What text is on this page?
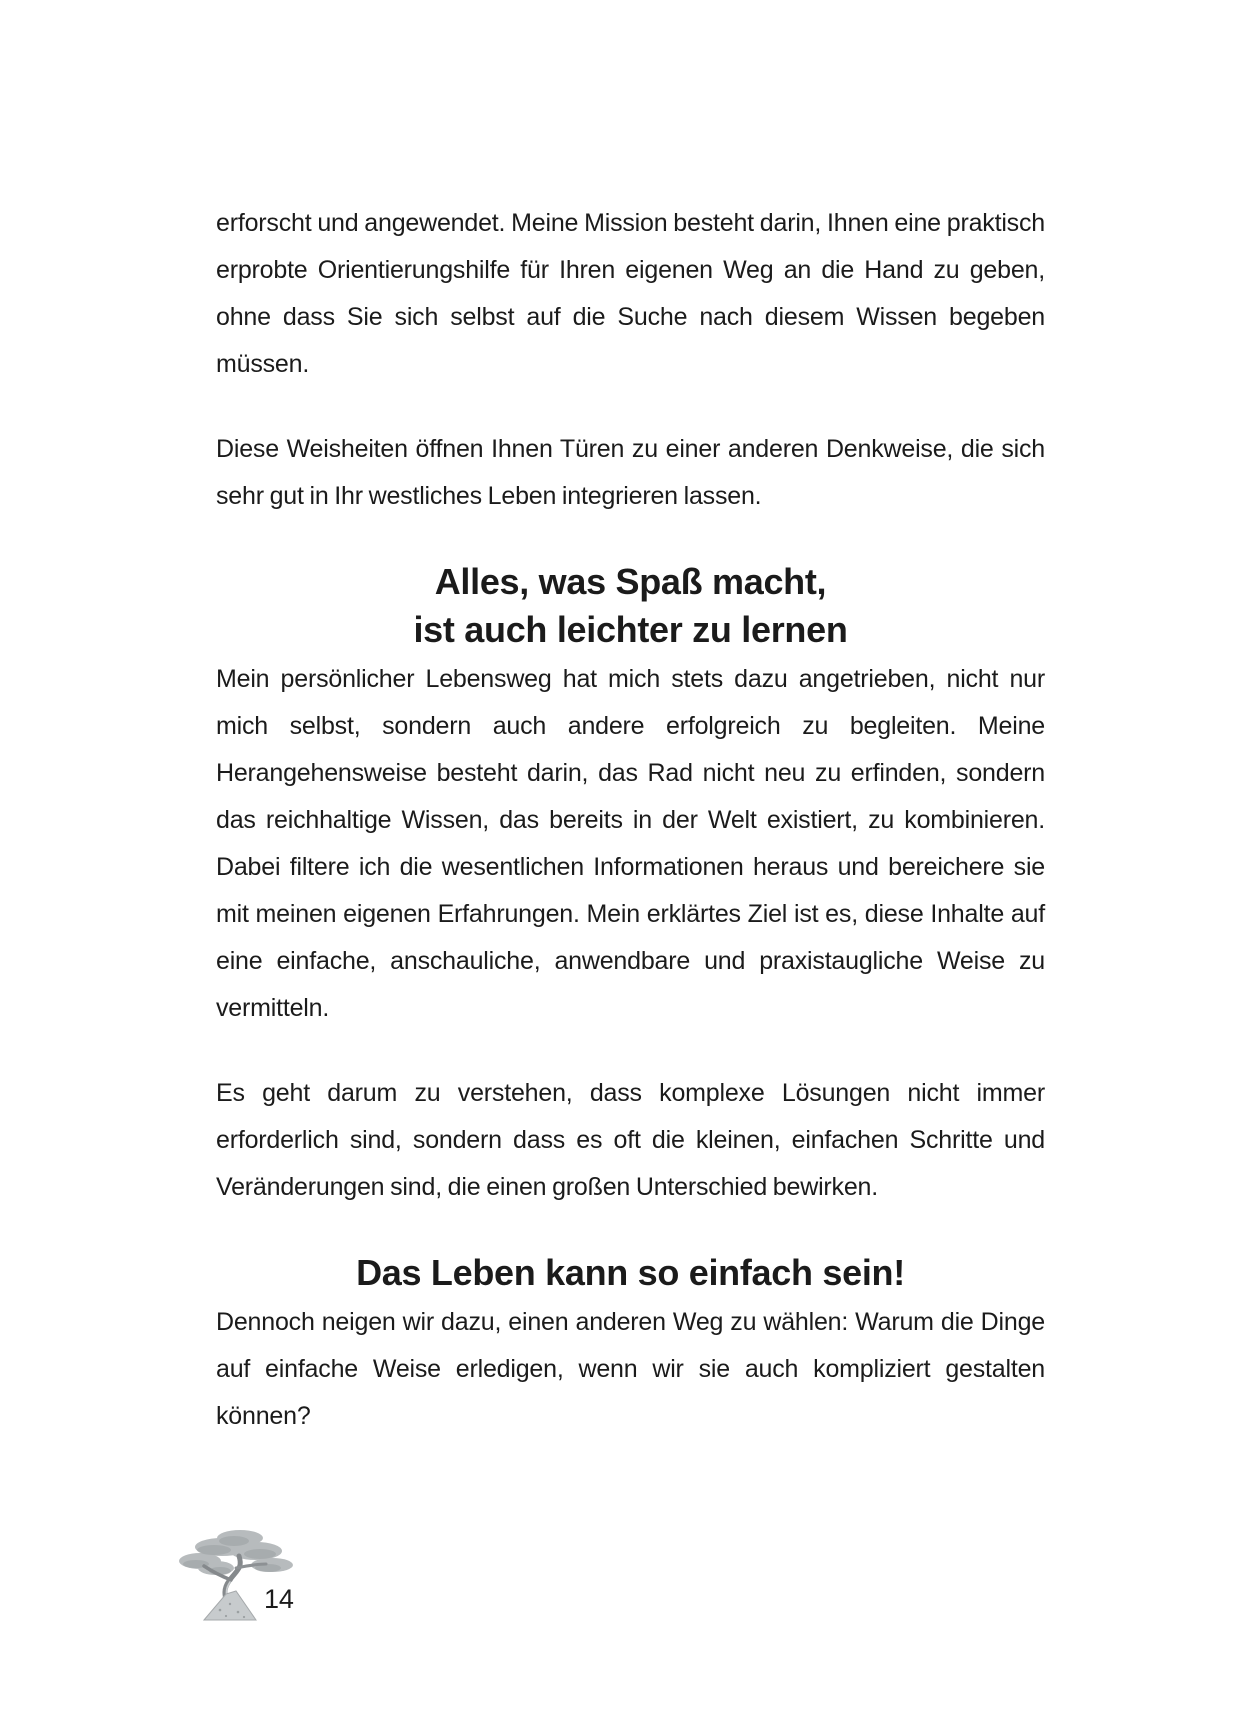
erforscht und angewendet. Meine Mission besteht darin, Ihnen eine praktisch erprobte Orientierungshilfe für Ihren eigenen Weg an die Hand zu geben, ohne dass Sie sich selbst auf die Suche nach diesem Wissen begeben müssen.

Diese Weisheiten öffnen Ihnen Türen zu einer anderen Denkweise, die sich sehr gut in Ihr westliches Leben integrieren lassen.

Alles, was Spaß macht,
ist auch leichter zu lernen

Mein persönlicher Lebensweg hat mich stets dazu angetrieben, nicht nur mich selbst, sondern auch andere erfolgreich zu begleiten. Meine Herangehensweise besteht darin, das Rad nicht neu zu erfinden, sondern das reichhaltige Wissen, das bereits in der Welt existiert, zu kombinieren. Dabei filtere ich die wesentlichen Informationen heraus und bereichere sie mit meinen eigenen Erfahrungen. Mein erklärtes Ziel ist es, diese Inhalte auf eine einfache, anschauliche, anwendbare und praxistaugliche Weise zu vermitteln.

Es geht darum zu verstehen, dass komplexe Lösungen nicht immer erforderlich sind, sondern dass es oft die kleinen, einfachen Schritte und Veränderungen sind, die einen großen Unterschied bewirken.

Das Leben kann so einfach sein!

Dennoch neigen wir dazu, einen anderen Weg zu wählen: Warum die Dinge auf einfache Weise erledigen, wenn wir sie auch kompliziert gestalten können?

14
